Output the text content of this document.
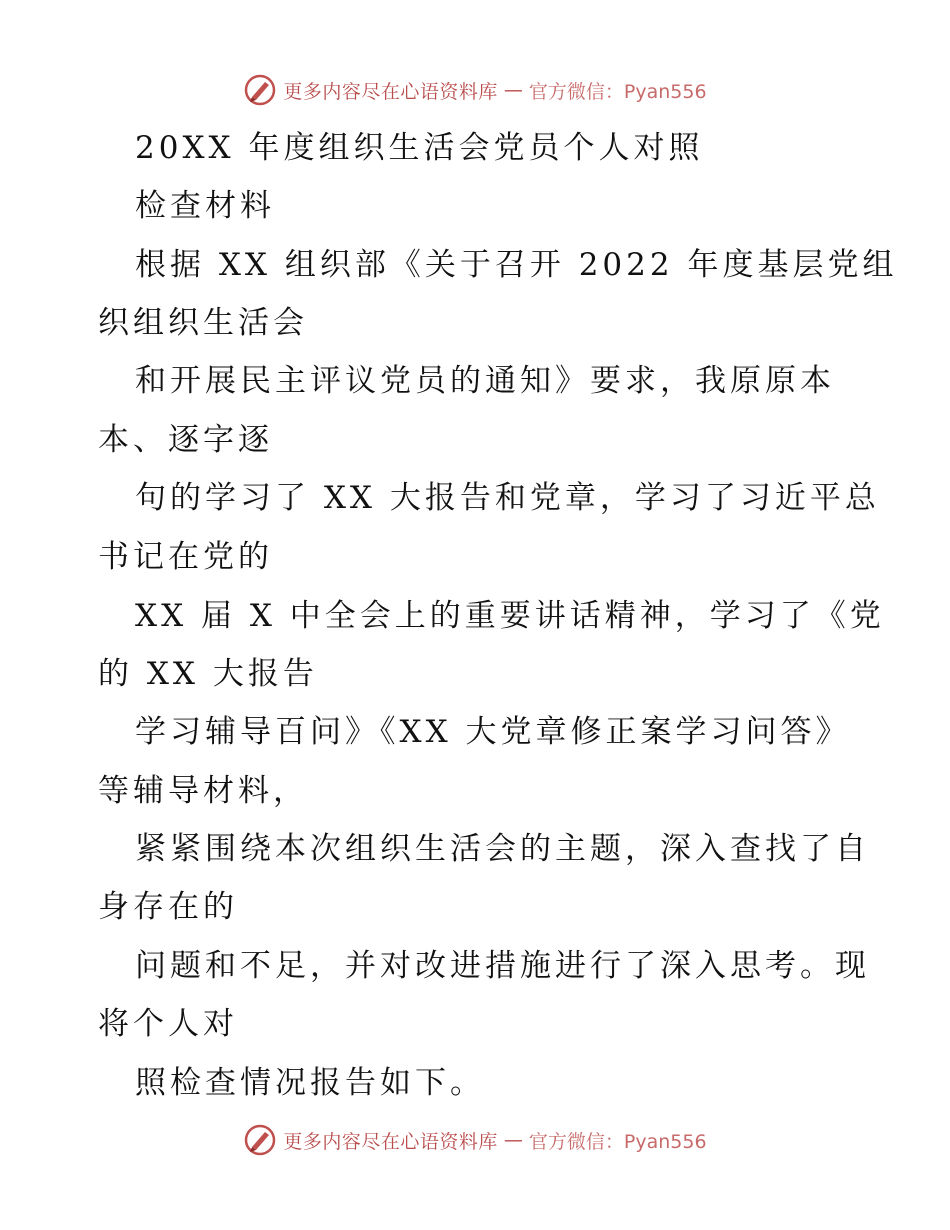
更多内容尽在心语资料库 — 官方微信：Pyan556
20XX 年度组织生活会党员个人对照
检查材料
根据 XX 组织部《关于召开 2022 年度基层党组
织组织生活会
和开展民主评议党员的通知》要求，我原原本
本、逐字逐
句的学习了 XX 大报告和党章，学习了习近平总
书记在党的
XX 届 X 中全会上的重要讲话精神，学习了《党
的 XX 大报告
学习辅导百问》《XX 大党章修正案学习问答》
等辅导材料，
紧紧围绕本次组织生活会的主题，深入查找了自
身存在的
问题和不足，并对改进措施进行了深入思考。现
将个人对
照检查情况报告如下。
更多内容尽在心语资料库 — 官方微信：Pyan556
